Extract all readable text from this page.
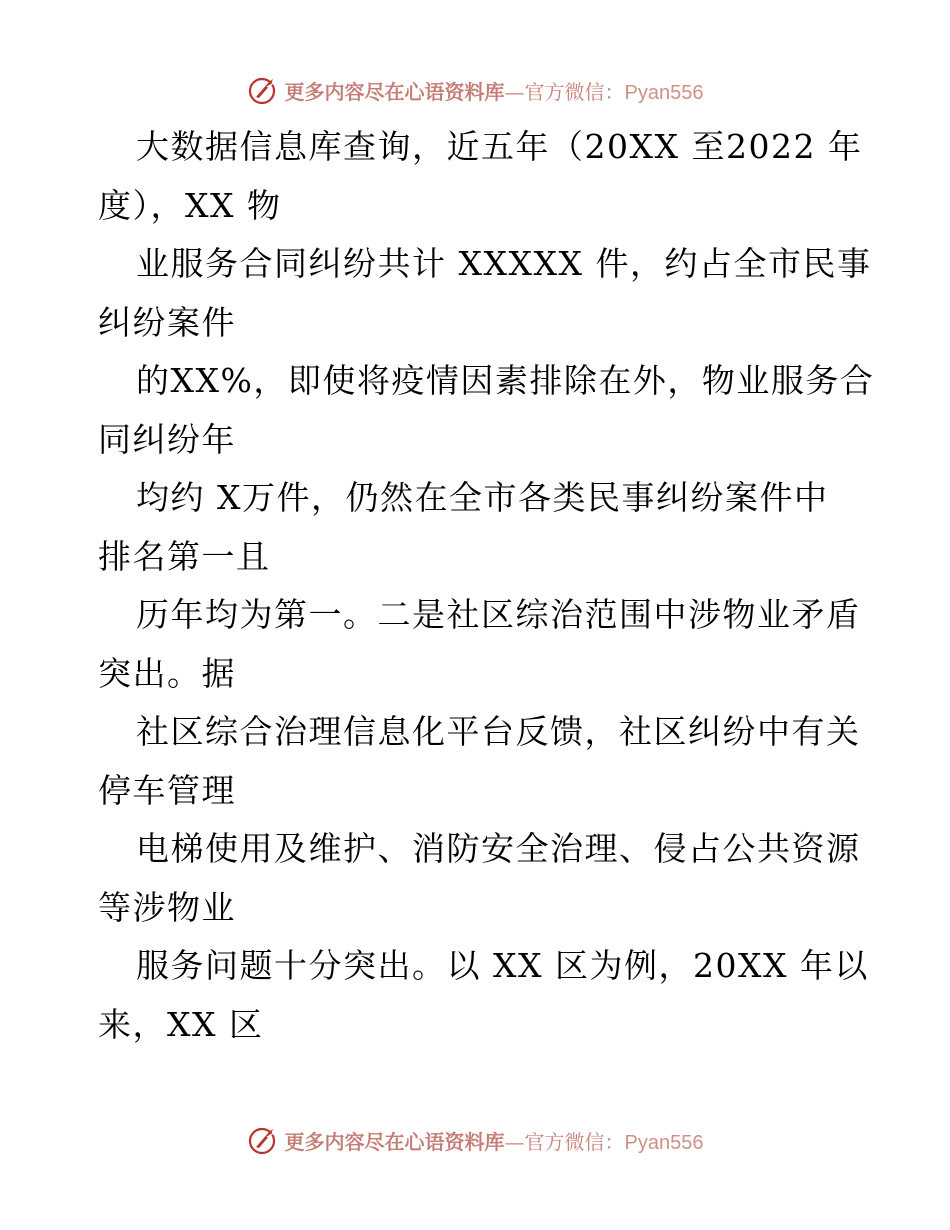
更多内容尽在心语资料库—官方微信：Pyan556
大数据信息库查询，近五年（20XX 至2022 年
度），XX 物
业服务合同纠纷共计 XXXXX 件，约占全市民事
纠纷案件
的XX%，即使将疫情因素排除在外，物业服务合
同纠纷年
均约 X万件，仍然在全市各类民事纠纷案件中
排名第一且
历年均为第一。二是社区综治范围中涉物业矛盾
突出。据
社区综合治理信息化平台反馈，社区纠纷中有关
停车管理
电梯使用及维护、消防安全治理、侵占公共资源
等涉物业
服务问题十分突出。以 XX 区为例，20XX 年以
来，XX 区
更多内容尽在心语资料库—官方微信：Pyan556
